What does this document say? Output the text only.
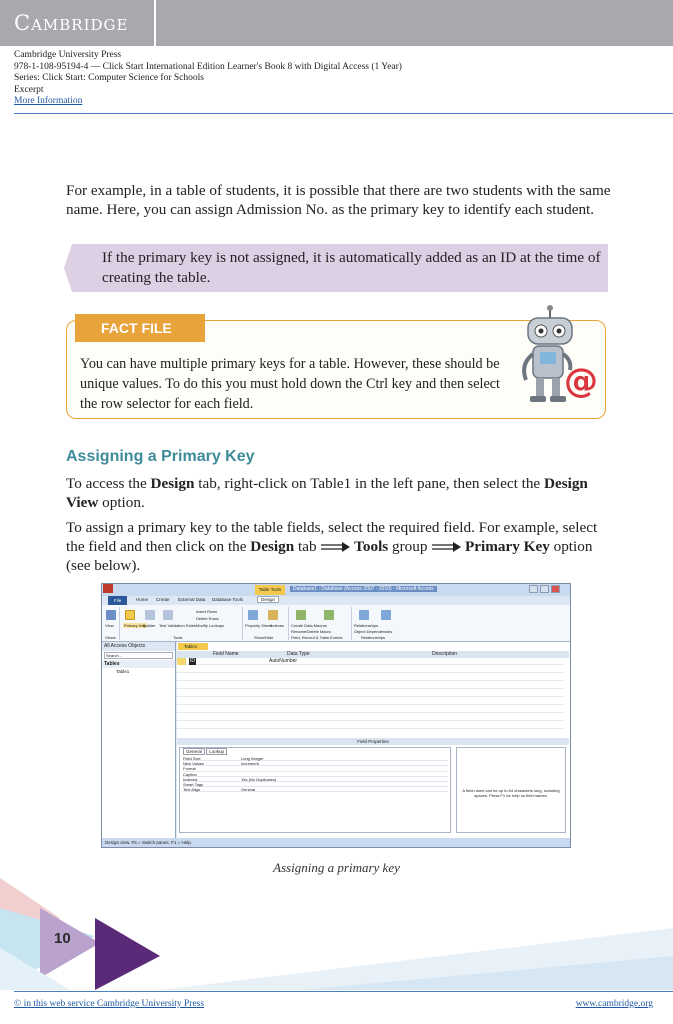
Cambridge
Cambridge University Press
978-1-108-95194-4 — Click Start International Edition Learner's Book 8 with Digital Access (1 Year)
Series: Click Start: Computer Science for Schools
Excerpt
More Information
For example, in a table of students, it is possible that there are two students with the same name. Here, you can assign Admission No. as the primary key to identify each student.
If the primary key is not assigned, it is automatically added as an ID at the time of creating the table.
FACT FILE
You can have multiple primary keys for a table. However, these should be unique values. To do this you must hold down the Ctrl key and then select the row selector for each field.
@
Assigning a Primary Key
To access the Design tab, right-click on Table1 in the left pane, then select the Design View option.
To assign a primary key to the table fields, select the required field. For example, select the field and then click on the Design tab  Tools group  Primary Key option (see below).
Table Tools	Database1 : Database (Access 2007 - 2010) - Microsoft Access
File	Home Create External Data Database Tools	Design
View
Views
Primary Key
Builder Test Validation Rules
Insert Rows
Delete Rows
Modify Lookups
Tools
Property Sheet
Indexes
Show/Hide
Create Data Macros
Rename/Delete Macro
Field, Record & Table Events
Relationships
Object Dependencies
Relationships
All Access Objects
Search...
Tables
Table1
Table1
Field Name	Data Type	Description
ID	AutoNumber
Field Properties
General Lookup
Field Size	Long Integer
New Values	Increment
Format
Caption
Indexed	Yes (No Duplicates)
Smart Tags
Text Align	General	A field name can be up to 64 characters long, including spaces. Press F1 for help on field names.
Design view. F6 = Switch panes. F1 = Help.
Assigning a primary key
10
© in this web service Cambridge University Press	www.cambridge.org
